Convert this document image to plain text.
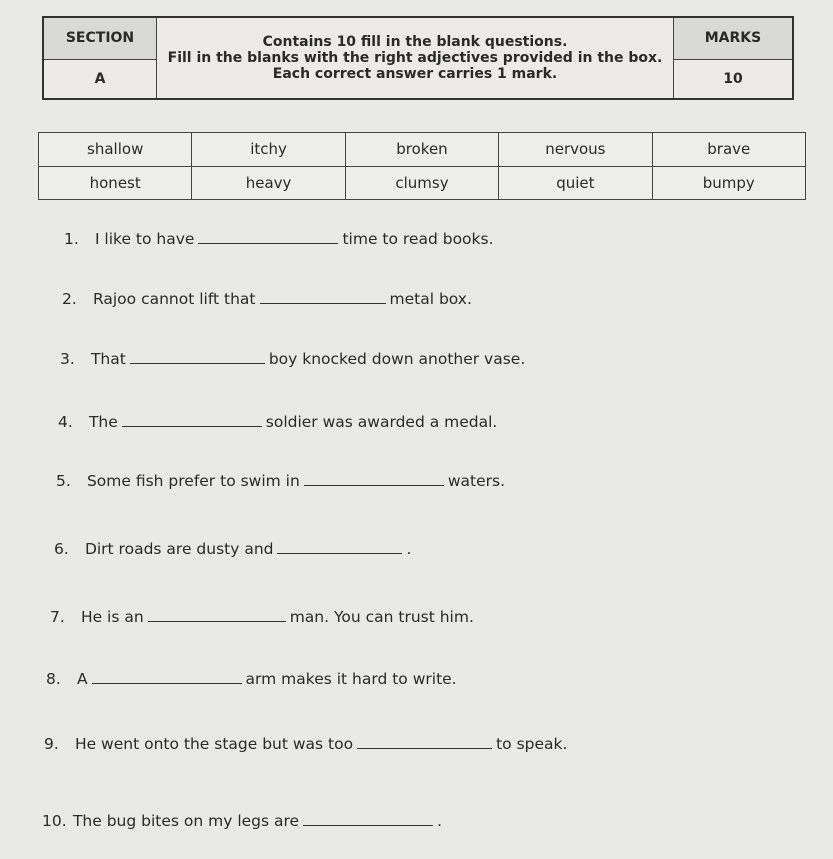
SECTION	Contains 10 fill in the blank questions.
Fill in the blanks with the right adjectives provided in the box.
Each correct answer carries 1 mark.	MARKS
A		10
shallow	itchy	broken	nervous	brave
honest	heavy	clumsy	quiet	bumpy
1. I like to have	time to read books.
2. Rajoo cannot lift that	metal box.
3. That	boy knocked down another vase.
4. The	soldier was awarded a medal.
5. Some fish prefer to swim in	waters.
6. Dirt roads are dusty and	.
7. He is an	man. You can trust him.
8. A	arm makes it hard to write.
9. He went onto the stage but was too	to speak.
10. The bug bites on my legs are	.
